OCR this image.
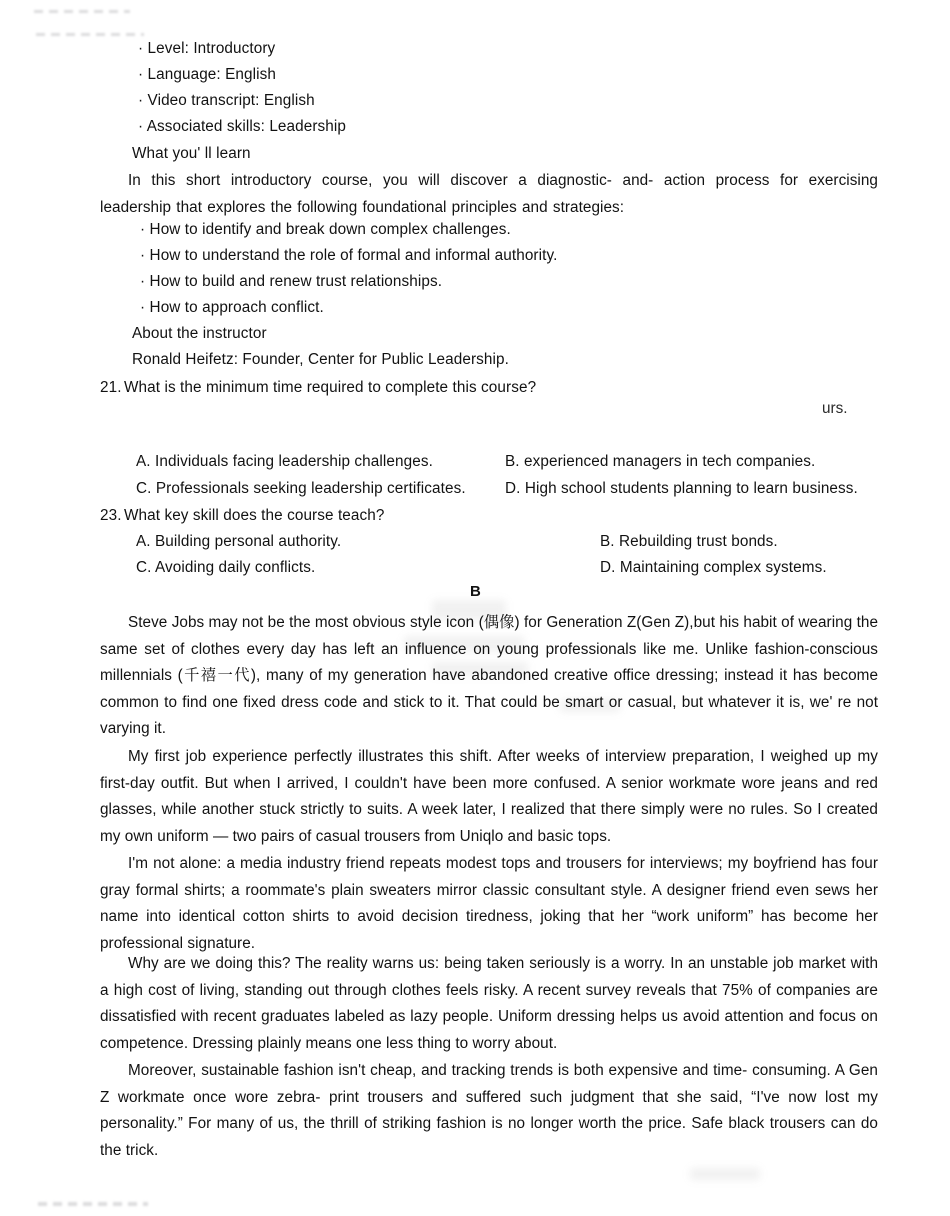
· Level: Introductory
· Language: English
· Video transcript: English
· Associated skills: Leadership
What you' ll learn
In this short introductory course, you will discover a diagnostic- and- action process for exercising leadership that explores the following foundational principles and strategies:
· How to identify and break down complex challenges.
· How to understand the role of formal and informal authority.
· How to build and renew trust relationships.
· How to approach conflict.
About the instructor
Ronald Heifetz: Founder, Center for Public Leadership.
21. What is the minimum time required to complete this course?
urs.
A. Individuals facing leadership challenges.	B. experienced managers in tech companies.
C. Professionals seeking leadership certificates.	D. High school students planning to learn business.
23. What key skill does the course teach?
A. Building personal authority.	B. Rebuilding trust bonds.
C. Avoiding daily conflicts.	D. Maintaining complex systems.
B
Steve Jobs may not be the most obvious style icon (偶像) for Generation Z(Gen Z),but his habit of wearing the same set of clothes every day has left an influence on young professionals like me. Unlike fashion-conscious millennials (千禧一代), many of my generation have abandoned creative office dressing; instead it has become common to find one fixed dress code and stick to it. That could be smart or casual, but whatever it is, we' re not varying it.
My first job experience perfectly illustrates this shift. After weeks of interview preparation, I weighed up my first-day outfit. But when I arrived, I couldn't have been more confused. A senior workmate wore jeans and red glasses, while another stuck strictly to suits. A week later, I realized that there simply were no rules. So I created my own uniform — two pairs of casual trousers from Uniqlo and basic tops.
I'm not alone: a media industry friend repeats modest tops and trousers for interviews; my boyfriend has four gray formal shirts; a roommate's plain sweaters mirror classic consultant style. A designer friend even sews her name into identical cotton shirts to avoid decision tiredness, joking that her “work uniform” has become her professional signature.
Why are we doing this? The reality warns us: being taken seriously is a worry. In an unstable job market with a high cost of living, standing out through clothes feels risky. A recent survey reveals that 75% of companies are dissatisfied with recent graduates labeled as lazy people. Uniform dressing helps us avoid attention and focus on competence. Dressing plainly means one less thing to worry about.
Moreover, sustainable fashion isn't cheap, and tracking trends is both expensive and time- consuming. A Gen Z workmate once wore zebra- print trousers and suffered such judgment that she said, “I've now lost my personality.” For many of us, the thrill of striking fashion is no longer worth the price. Safe black trousers can do the trick.
